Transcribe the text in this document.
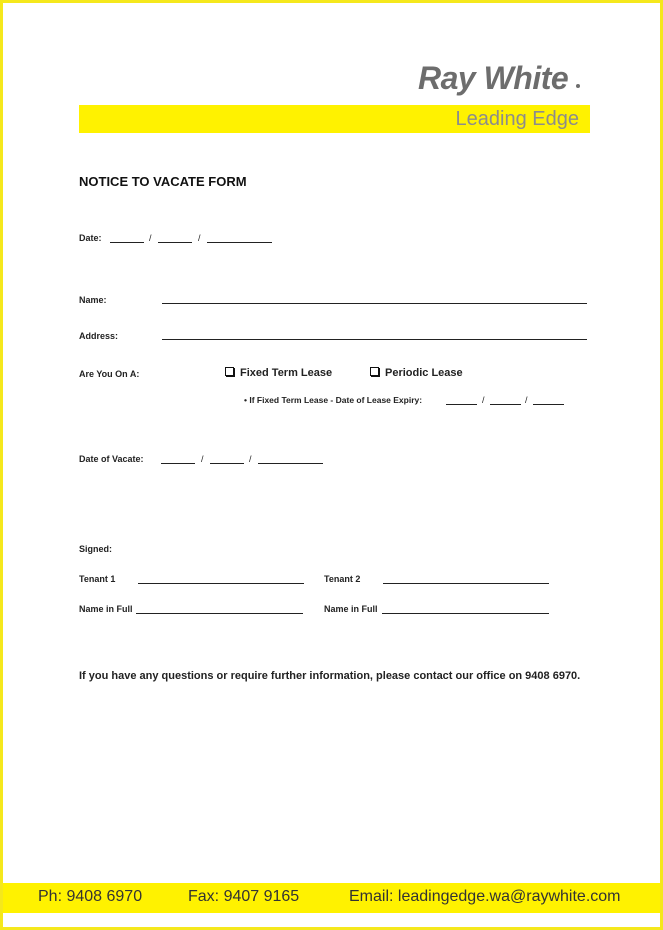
Ray White
Leading Edge
NOTICE TO VACATE FORM
Date:	/	/
Name:
Address:
Are You On A:	Fixed Term Lease	Periodic Lease
• If Fixed Term Lease - Date of Lease Expiry:	/	/
Date of Vacate:	/	/
Signed:
Tenant 1	Tenant 2
Name in Full	Name in Full
If you have any questions or require further information, please contact our office on 9408 6970.
Ph: 9408 6970	Fax: 9407 9165	Email: leadingedge.wa@raywhite.com
